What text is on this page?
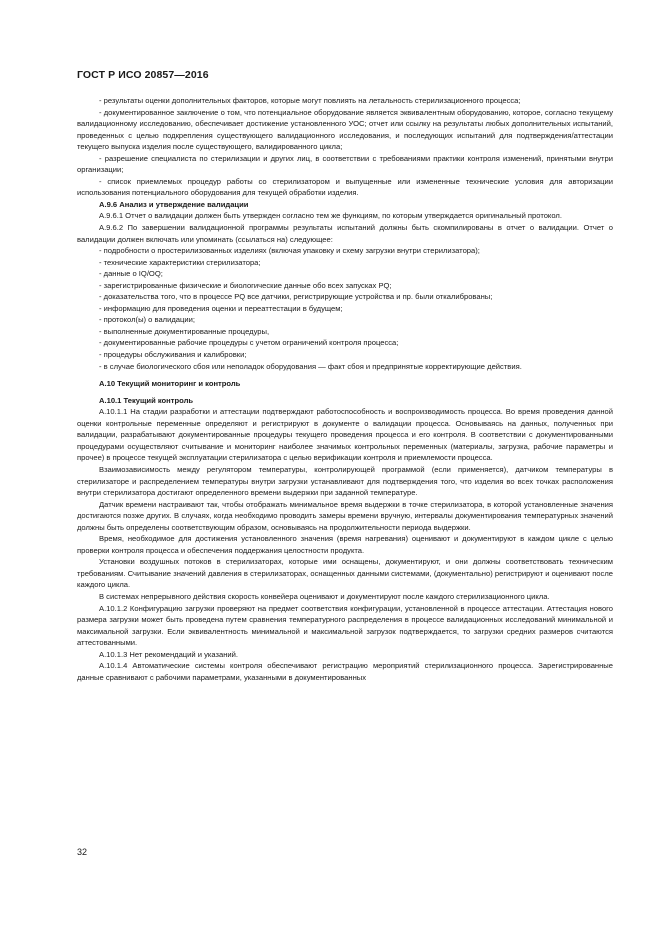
ГОСТ Р ИСО 20857—2016

- результаты оценки дополнительных факторов, которые могут повлиять на летальность стерилизационного процесса;

- документированное заключение о том, что потенциальное оборудование является эквивалентным оборудованию, которое, согласно текущему валидационному исследованию, обеспечивает достижение установленного УОС; отчет или ссылку на результаты любых дополнительных испытаний, проведенных с целью подкрепления существующего валидационного исследования, и последующих испытаний для подтверждения/аттестации текущего выпуска изделия после существующего, валидированного цикла;

- разрешение специалиста по стерилизации и других лиц, в соответствии с требованиями практики контроля изменений, принятыми внутри организации;

- список приемлемых процедур работы со стерилизатором и выпущенные или измененные технические условия для авторизации использования потенциального оборудования для текущей обработки изделия.

А.9.6 Анализ и утверждение валидации

А.9.6.1 Отчет о валидации должен быть утвержден согласно тем же функциям, по которым утверждается оригинальный протокол.

А.9.6.2 По завершении валидационной программы результаты испытаний должны быть скомпилированы в отчет о валидации. Отчет о валидации должен включать или упоминать (ссылаться на) следующее:

- подробности о простерилизованных изделиях (включая упаковку и схему загрузки внутри стерилизатора);

- технические характеристики стерилизатора;

- данные о IQ/OQ;

- зарегистрированные физические и биологические данные обо всех запусках PQ;

- доказательства того, что в процессе PQ все датчики, регистрирующие устройства и пр. были откалиброваны;

- информацию для проведения оценки и переаттестации в будущем;

- протокол(ы) о валидации;

- выполненные документированные процедуры,

- документированные рабочие процедуры с учетом ограничений контроля процесса;

- процедуры обслуживания и калибровки;

- в случае биологического сбоя или неполадок оборудования — факт сбоя и предпринятые корректирующие действия.

А.10 Текущий мониторинг и контроль

А.10.1 Текущий контроль

А.10.1.1 На стадии разработки и аттестации подтверждают работоспособность и воспроизводимость процесса. Во время проведения данной оценки контрольные переменные определяют и регистрируют в документе о валидации процесса. Основываясь на данных, полученных при валидации, разрабатывают документированные процедуры текущего проведения процесса и его контроля. В соответствии с документированными процедурами осуществляют считывание и мониторинг наиболее значимых контрольных переменных (материалы, загрузка, рабочие параметры и прочее) в процессе текущей эксплуатации стерилизатора с целью верификации контроля и приемлемости процесса.

Взаимозависимость между регулятором температуры, контролирующей программой (если применяется), датчиком температуры в стерилизаторе и распределением температуры внутри загрузки устанавливают для подтверждения того, что изделия во всех точках расположения внутри стерилизатора достигают определенного времени выдержки при заданной температуре.

Датчик времени настраивают так, чтобы отображать минимальное время выдержки в точке стерилизатора, в которой установленные значения достигаются позже других. В случаях, когда необходимо проводить замеры времени вручную, интервалы документирования температурных значений должны быть определены соответствующим образом, основываясь на продолжительности периода выдержки.

Время, необходимое для достижения установленного значения (время нагревания) оценивают и документируют в каждом цикле с целью проверки контроля процесса и обеспечения поддержания целостности продукта.

Установки воздушных потоков в стерилизаторах, которые ими оснащены, документируют, и они должны соответствовать техническим требованиям. Считывание значений давления в стерилизаторах, оснащенных данными системами, (документально) регистрируют и оценивают после каждого цикла.

В системах непрерывного действия скорость конвейера оценивают и документируют после каждого стерилизационного цикла.

А.10.1.2 Конфигурацию загрузки проверяют на предмет соответствия конфигурации, установленной в процессе аттестации. Аттестация нового размера загрузки может быть проведена путем сравнения температурного распределения в процессе валидационных исследований минимальной и максимальной загрузки. Если эквивалентность минимальной и максимальной загрузок подтверждается, то загрузки средних размеров считаются аттестованными.

А.10.1.3 Нет рекомендаций и указаний.

А.10.1.4 Автоматические системы контроля обеспечивают регистрацию мероприятий стерилизационного процесса. Зарегистрированные данные сравнивают с рабочими параметрами, указанными в документированных

32
